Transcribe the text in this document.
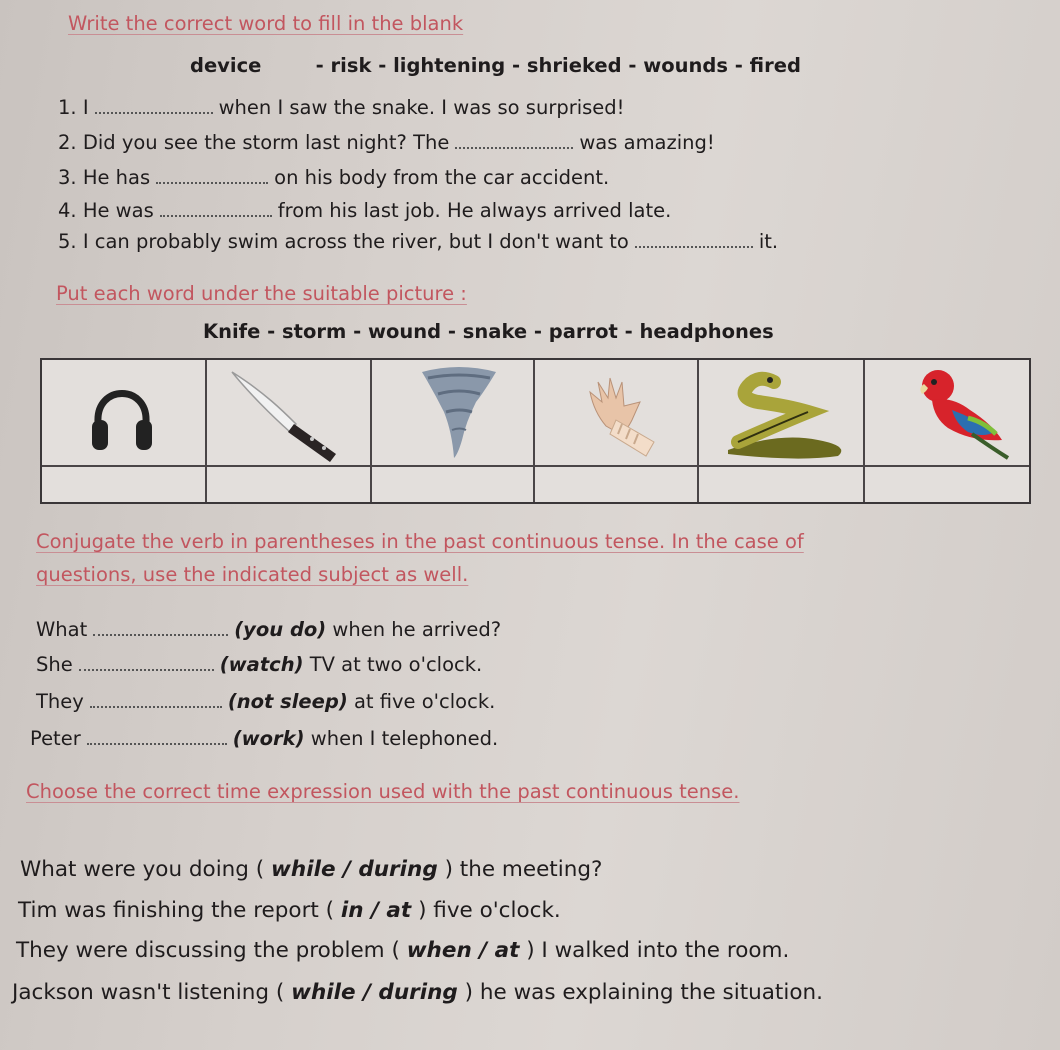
Write the correct word to fill in the blank
device        - risk - lightening - shrieked - wounds - fired
1. I	when I saw the snake. I was so surprised!
2. Did you see the storm last night? The	was amazing!
3. He has	on his body from the car accident.
4. He was	from his last job. He always arrived late.
5. I can probably swim across the river, but I don't want to	it.
Put each word under the suitable picture :
Knife - storm - wound - snake - parrot - headphones
Conjugate the verb in parentheses in the past continuous tense. In the case of
questions, use the indicated subject as well.
What	(you do) when he arrived?
She	(watch) TV at two o'clock.
They	(not sleep) at five o'clock.
Peter	(work) when I telephoned.
Choose the correct time expression used with the past continuous tense.
What were you doing ( while / during ) the meeting?
Tim was finishing the report ( in / at ) five o'clock.
They were discussing the problem ( when / at ) I walked into the room.
Jackson wasn't listening ( while / during ) he was explaining the situation.
